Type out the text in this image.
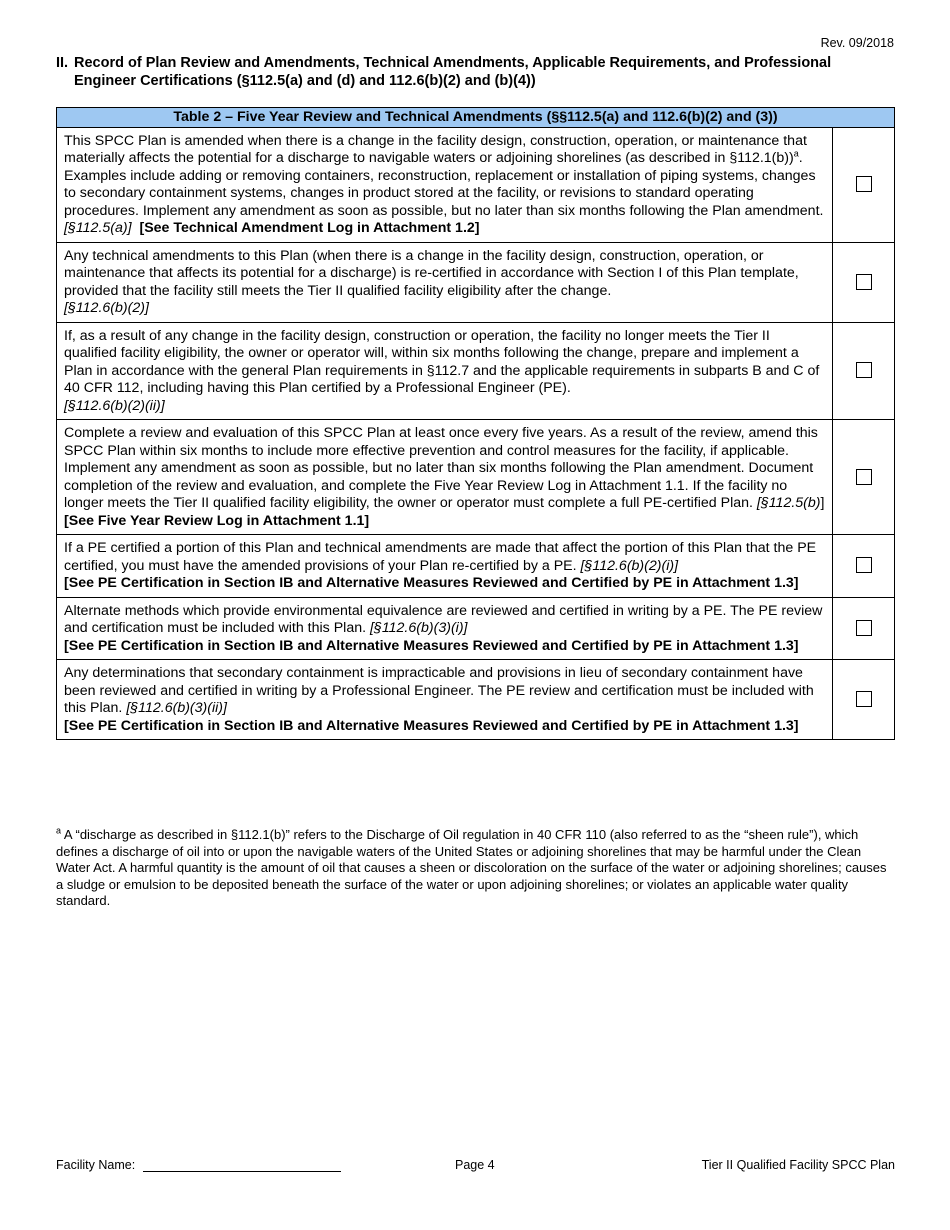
Rev. 09/2018
II. Record of Plan Review and Amendments, Technical Amendments, Applicable Requirements, and Professional
Engineer Certifications (§112.5(a) and (d) and 112.6(b)(2) and (b)(4))
Table 2 – Five Year Review and Technical Amendments (§§112.5(a) and 112.6(b)(2) and (3))	
This SPCC Plan is amended when there is a change in the facility design, construction, operation, or maintenance that materially affects the potential for a discharge to navigable waters or adjoining shorelines (as described in §112.1(b))$^a$. Examples include adding or removing containers, reconstruction, replacement or installation of piping systems, changes to secondary containment systems, changes in product stored at the facility, or revisions to standard operating procedures. Implement any amendment as soon as possible, but no later than six months following the Plan amendment. [§112.5(a)] [See Technical Amendment Log in Attachment 1.2]	
Any technical amendments to this Plan (when there is a change in the facility design, construction, operation, or maintenance that affects its potential for a discharge) is re-certified in accordance with Section I of this Plan template, provided that the facility still meets the Tier II qualified facility eligibility after the change.
[§112.6(b)(2)]	
If, as a result of any change in the facility design, construction or operation, the facility no longer meets the Tier II qualified facility eligibility, the owner or operator will, within six months following the change, prepare and implement a Plan in accordance with the general Plan requirements in §112.7 and the applicable requirements in subparts B and C of 40 CFR 112, including having this Plan certified by a Professional Engineer (PE).
[§112.6(b)(2)(ii)]	
Complete a review and evaluation of this SPCC Plan at least once every five years. As a result of the review, amend this SPCC Plan within six months to include more effective prevention and control measures for the facility, if applicable. Implement any amendment as soon as possible, but no later than six months following the Plan amendment. Document completion of the review and evaluation, and complete the Five Year Review Log in Attachment 1.1. If the facility no longer meets the Tier II qualified facility eligibility, the owner or operator must complete a full PE-certified Plan. [§112.5(b)] [See Five Year Review Log in Attachment 1.1]	
If a PE certified a portion of this Plan and technical amendments are made that affect the portion of this Plan that the PE certified, you must have the amended provisions of your Plan re-certified by a PE. [§112.6(b)(2)(i)]
[See PE Certification in Section IB and Alternative Measures Reviewed and Certified by PE in Attachment 1.3]	

Alternate methods which provide environmental equivalence are reviewed and certified in writing by a PE. The PE review and certification must be included with this Plan. [§112.6(b)(3)(i)]
[See PE Certification in Section IB and Alternative Measures Reviewed and Certified by PE in Attachment 1.3]	

Any determinations that secondary containment is impracticable and provisions in lieu of secondary containment have been reviewed and certified in writing by a Professional Engineer. The PE review and certification must be included with this Plan. [§112.6(b)(3)(ii)]
[See PE Certification in Section IB and Alternative Measures Reviewed and Certified by PE in Attachment 1.3]	

$^a$ A “discharge as described in §112.1(b)” refers to the Discharge of Oil regulation in 40 CFR 110 (also referred to as the “sheen rule”), which defines a discharge of oil into or upon the navigable waters of the United States or adjoining shorelines that may be harmful under the Clean Water Act. A harmful quantity is the amount of oil that causes a sheen or discoloration on the surface of the water or adjoining shorelines; causes a sludge or emulsion to be deposited beneath the surface of the water or upon adjoining shorelines; or violates an applicable water quality standard.
Facility Name:	Page 4	Tier II Qualified Facility SPCC Plan
